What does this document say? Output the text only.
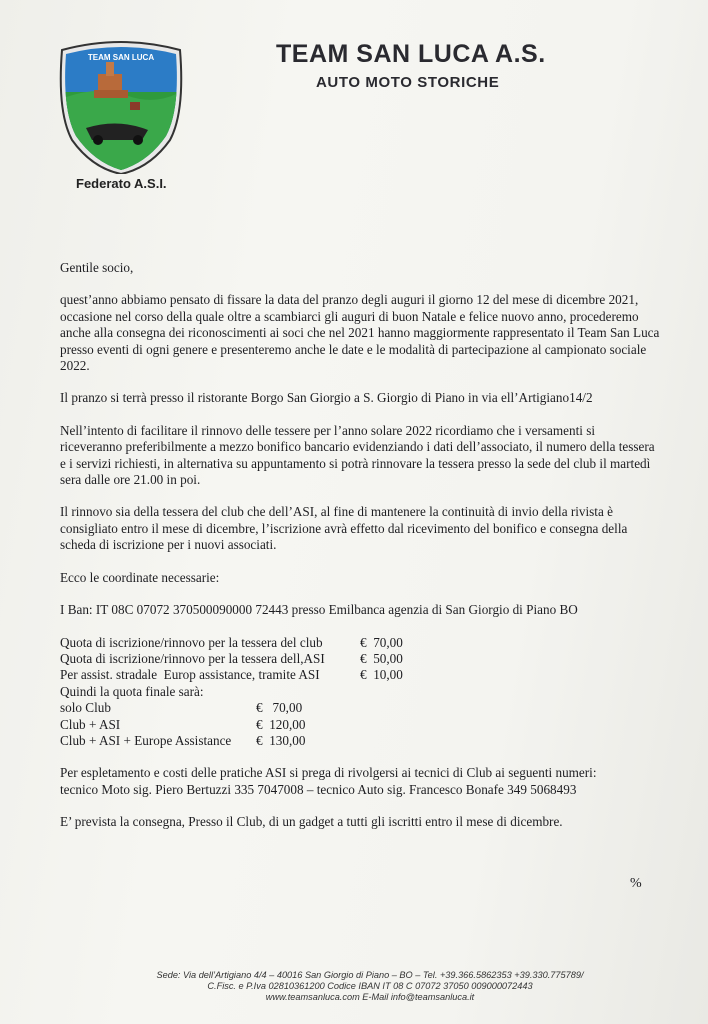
TEAM SAN LUCA
Federato A.S.I.
TEAM SAN LUCA A.S.
AUTO MOTO STORICHE

Gentile socio,

quest’anno abbiamo pensato di fissare la data del pranzo degli auguri il giorno 12 del mese di dicembre 2021, occasione nel corso della quale oltre a scambiarci gli auguri di buon Natale e felice nuovo anno, procederemo anche alla consegna dei riconoscimenti ai soci che nel 2021 hanno maggiormente rappresentato il Team San Luca presso eventi di ogni genere e presenteremo anche le date e le modalità di partecipazione al campionato sociale 2022.

Il pranzo si terrà presso il ristorante Borgo San Giorgio a S. Giorgio di Piano in via ell’Artigiano14/2

Nell’intento di facilitare il rinnovo delle tessere per l’anno solare 2022 ricordiamo che i versamenti si riceveranno preferibilmente a mezzo bonifico bancario evidenziando i dati dell’associato, il numero della tessera e i servizi richiesti, in alternativa su appuntamento si potrà rinnovare la tessera presso la sede del club il martedì sera dalle ore 21.00 in poi.

Il rinnovo sia della tessera del club che dell’ASI, al fine di mantenere la continuità di invio della rivista è consigliato entro il mese di dicembre, l’iscrizione avrà effetto dal ricevimento del bonifico e consegna della scheda di iscrizione per i nuovi associati.

Ecco le coordinate necessarie:

I Ban: IT 08C 07072 370500090000 72443 presso Emilbanca agenzia di San Giorgio di Piano BO

Quota di iscrizione/rinnovo per la tessera del club	€  70,00
Quota di iscrizione/rinnovo per la tessera dell,ASI	€  50,00
Per assist. stradale  Europ assistance, tramite ASI	€  10,00

Quindi la quota finale sarà:

solo Club	€   70,00
Club + ASI	€  120,00
Club + ASI + Europe Assistance	€  130,00

Per espletamento e costi delle pratiche ASI si prega di rivolgersi ai tecnici di Club ai seguenti numeri:

tecnico Moto sig. Piero Bertuzzi 335 7047008 – tecnico Auto sig. Francesco Bonafe 349 5068493

E’ prevista la consegna, Presso il Club, di un gadget a tutti gli iscritti entro il mese di dicembre.

%
Sede: Via dell’Artigiano 4/4 – 40016 San Giorgio di Piano – BO – Tel. +39.366.5862353 +39.330.775789/
C.Fisc. e P.Iva 02810361200 Codice IBAN IT 08 C 07072 37050 009000072443
www.teamsanluca.com E-Mail info@teamsanluca.it
